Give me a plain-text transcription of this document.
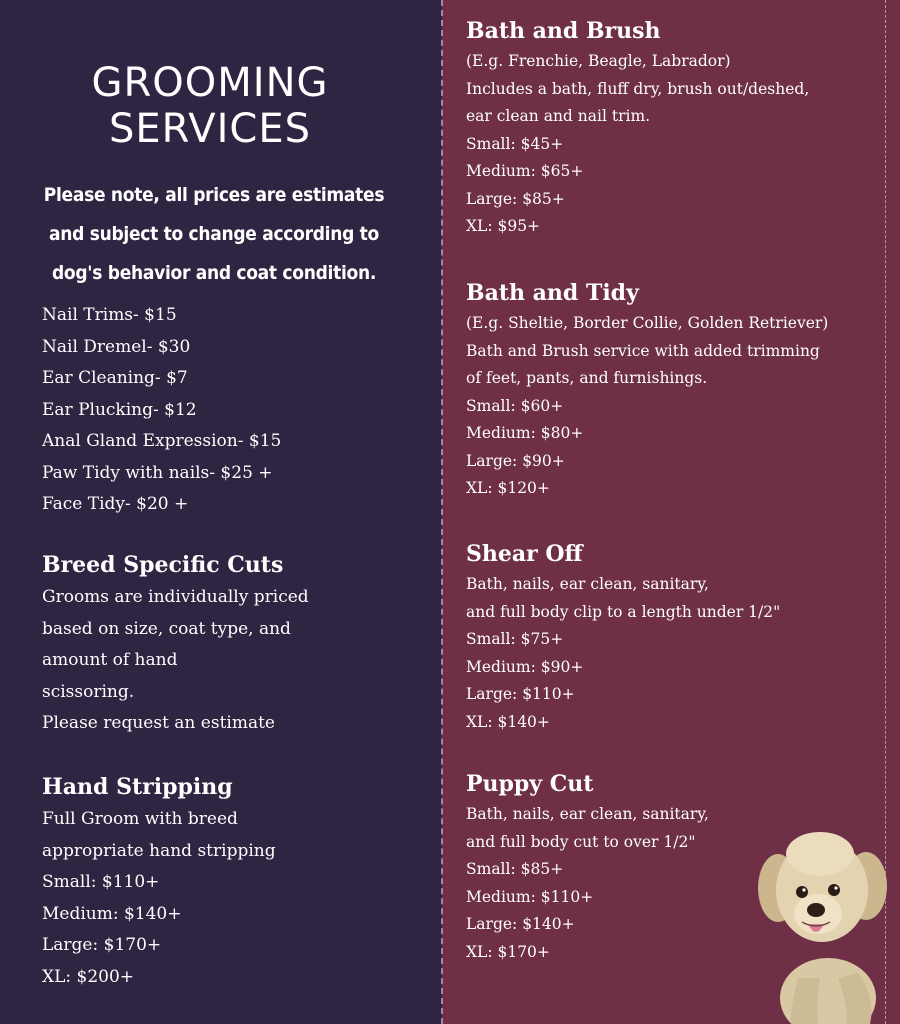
GROOMING
SERVICES
Please note, all prices are estimates
and subject to change according to
dog's behavior and coat condition.
Nail Trims- $15
Nail Dremel- $30
Ear Cleaning- $7
Ear Plucking- $12
Anal Gland Expression- $15
Paw Tidy with nails- $25 +
Face Tidy- $20 +
Breed Specific Cuts
Grooms are individually priced
based on size, coat type, and
amount of hand
scissoring.
Please request an estimate
Hand Stripping
Full Groom with breed
appropriate hand stripping
Small: $110+
Medium: $140+
Large: $170+
XL: $200+
Bath and Brush
(E.g. Frenchie, Beagle, Labrador)
Includes a bath, fluff dry, brush out/deshed,
ear clean and nail trim.
Small: $45+
Medium: $65+
Large: $85+
XL: $95+
Bath and Tidy
(E.g. Sheltie, Border Collie, Golden Retriever)
Bath and Brush service with added trimming
of feet, pants, and furnishings.
Small: $60+
Medium: $80+
Large: $90+
XL: $120+
Shear Off
Bath, nails, ear clean, sanitary,
and full body clip to a length under 1/2"
Small: $75+
Medium: $90+
Large: $110+
XL: $140+
Puppy Cut
Bath, nails, ear clean, sanitary,
and full body cut to over 1/2"
Small: $85+
Medium: $110+
Large: $140+
XL: $170+
